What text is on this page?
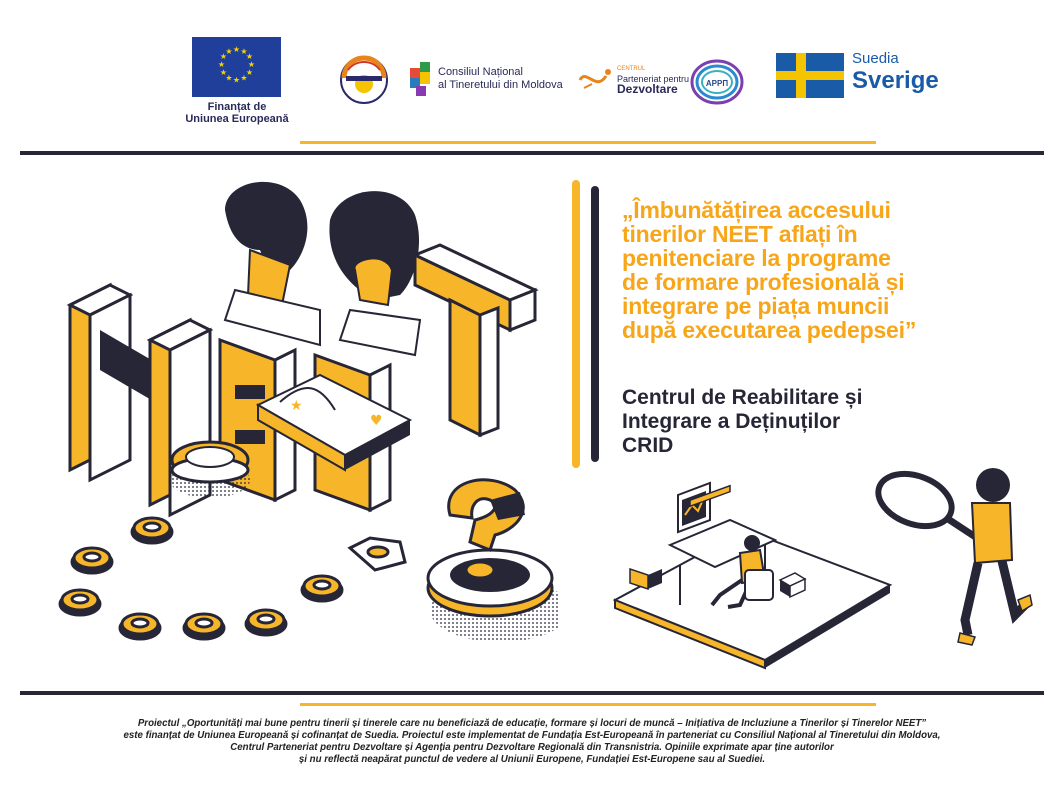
★ ★
★
★
★
★
★
★
★
★
★
★
Finanțat de
Uniunea Europeană
Consiliul Național
al Tineretului din Moldova
CENTRUL
Parteneriat pentru
Dezvoltare	APPП
Suedia
Sverige
★
♥
„Îmbunătățirea accesului
tinerilor NEET aflați în
penitenciare la programe
de formare profesională și
integrare pe piața muncii
după executarea pedepsei”
Centrul de Reabilitare și
Integrare a Deținuților
CRID
Proiectul „Oportunități mai bune pentru tinerii și tinerele care nu beneficiază de educație, formare și locuri de muncă – Inițiativa de Incluziune a Tinerilor și Tinerelor NEET”
este finanțat de Uniunea Europeană și cofinanțat de Suedia. Proiectul este implementat de Fundația Est-Europeană în parteneriat cu Consiliul Național al Tineretului din Moldova,
Centrul Parteneriat pentru Dezvoltare și Agenția pentru Dezvoltare Regională din Transnistria. Opiniile exprimate apar ține autorilor
și nu reflectă neapărat punctul de vedere al Uniunii Europene, Fundației Est-Europene sau al Suediei.
